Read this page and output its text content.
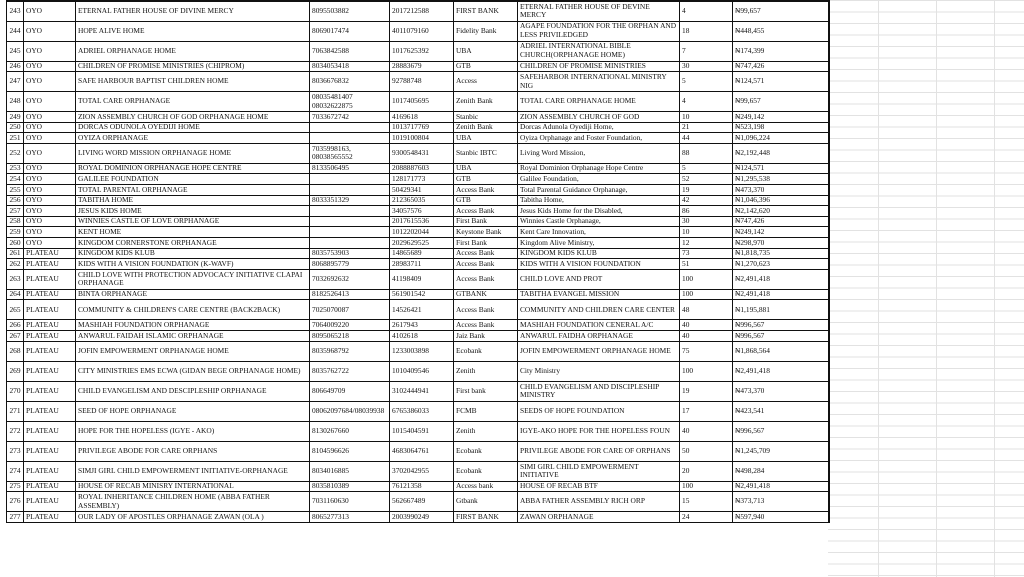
243	OYO	ETERNAL FATHER HOUSE OF DIVINE MERCY	8095503882	2017212588	FIRST BANK	ETERNAL FATHER HOUSE OF DEVINE MERCY	4	₦99,657
244	OYO	HOPE ALIVE HOME	8069017474	4011079160	Fidelity Bank	AGAPE FOUNDATION FOR THE ORPHAN AND LESS PRIVILEDGED	18	₦448,455
245	OYO	ADRIEL ORPHANAGE HOME	7063842588	1017625392	UBA	ADRIEL INTERNATIONAL BIBLE CHURCH(ORPHANAGE HOME)	7	₦174,399
246	OYO	CHILDREN OF PROMISE MINISTRIES (CHIPROM)	8034053418	28883679	GTB	CHILDREN OF PROMISE MINISTRIES	30	₦747,426
247	OYO	SAFE HARBOUR BAPTIST CHILDREN HOME	8036676832	92788748	Access	SAFEHARBOR INTERNATIONAL MINISTRY NIG	5	₦124,571
248	OYO	TOTAL CARE ORPHANAGE	08035481407
08032622875	1017405695	Zenith Bank	TOTAL CARE ORPHANAGE HOME	4	₦99,657
249	OYO	ZION ASSEMBLY CHURCH OF GOD ORPHANAGE HOME	7033672742	4169618	Stanbic	ZION ASSEMBLY CHURCH OF GOD	10	₦249,142
250	OYO	DORCAS ODUNOLA OYEDIJI HOME		1013717769	Zenith Bank	Dorcas Adunola Oyediji Home,	21	₦523,198
251	OYO	OYIZA ORPHANAGE		1019100804	UBA	Oyiza Orphanage and Foster Foundation,	44	₦1,096,224
252	OYO	LIVING WORD MISSION ORPHANAGE HOME	7035998163,
08038565552	9300548431	Stanbic IBTC	Living Word Mission,	88	₦2,192,448
253	OYO	ROYAL DOMINION ORPHANAGE HOPE CENTRE	8133506495	2088887603	UBA	Royal Dominion Orphanage Hope Centre	5	₦124,571
254	OYO	GALILEE FOUNDATION		128171773	GTB	Galilee Foundation,	52	₦1,295,538
255	OYO	TOTAL PARENTAL ORPHANAGE		50429341	Access Bank	Total Parental Guidance Orphanage,	19	₦473,370
256	OYO	TABITHA HOME	8033351329	212365035	GTB	Tabitha Home,	42	₦1,046,396
257	OYO	JESUS KIDS HOME		34057576	Access Bank	Jesus Kids Home for the Disabled,	86	₦2,142,620
258	OYO	WINNIES CASTLE OF LOVE ORPHANAGE		2017615536	First Bank	Winnies Castle Orphanage,	30	₦747,426
259	OYO	KENT HOME		1012202044	Keystone Bank	Kent Care Innovation,	10	₦249,142
260	OYO	KINGDOM CORNERSTONE ORPHANAGE		2029629525	First Bank	Kingdom Alive Ministry,	12	₦298,970
261	PLATEAU	KINGDOM KIDS KLUB	8035753903	14865689	Access Bank	KINGDOM KIDS KLUB	73	₦1,818,735
262	PLATEAU	KIDS WITH A VISION FOUNDATION (K-WAVF)	8068895779	28983711	Access Bank	KIDS WITH A VISION FOUNDATION	51	₦1,270,623
263	PLATEAU	CHILD LOVE WITH PROTECTION ADVOCACY INITIATIVE CLAPAI ORPHANAGE	7032692632	41198409	Access Bank	CHILD LOVE AND PROT	100	₦2,491,418
264	PLATEAU	BINTA ORPHANAGE	8182526413	561901542	GTBANK	TABITHA EVANGEL MISSION	100	₦2,491,418
265	PLATEAU	COMMUNITY & CHILDREN'S CARE CENTRE (BACK2BACK)	7025070087	14526421	Access Bank	COMMUNITY AND CHILDREN CARE CENTER	48	₦1,195,881
266	PLATEAU	MASHIAH FOUNDATION ORPHANAGE	7064009220	2617943	Access Bank	MASHIAH FOUNDATION CENERAL A/C	40	₦996,567
267	PLATEAU	ANWARUL FAIDAH ISLAMIC ORPHANAGE	8095065218	4102618	Jaiz Bank	ANWARUL FAIDHA ORPHANAGE	40	₦996,567
268	PLATEAU	JOFIN EMPOWERMENT ORPHANAGE HOME	8035968792	1233003898	Ecobank	JOFIN EMPOWERMENT ORPHANAGE HOME	75	₦1,868,564
269	PLATEAU	CITY MINISTRIES EMS ECWA (GIDAN BEGE ORPHANAGE HOME)	8035762722	1010409546	Zenith	City Ministry	100	₦2,491,418
270	PLATEAU	CHILD EVANGELISM AND DESCIPLESHIP ORPHANAGE	806649709	3102444941	First bank	CHILD EVANGELISM AND DISCIPLESHIP MINISTRY	19	₦473,370
271	PLATEAU	SEED OF HOPE ORPHANAGE	08062097684/08039938	6765386033	FCMB	SEEDS OF HOPE FOUNDATION	17	₦423,541
272	PLATEAU	HOPE FOR THE HOPELESS (IGYE - AKO)	8130267660	1015404591	Zenith	IGYE-AKO HOPE FOR THE HOPELESS FOUN	40	₦996,567
273	PLATEAU	PRIVILEGE ABODE FOR CARE ORPHANS	8104596626	4683064761	Ecobank	PRIVILEGE ABODE FOR CARE OF ORPHANS	50	₦1,245,709
274	PLATEAU	SIMJI GIRL CHILD EMPOWERMENT INITIATIVE-ORPHANAGE	8034016885	3702042955	Ecobank	SIMI GIRL CHILD EMPOWERMENT INITIATIVE	20	₦498,284
275	PLATEAU	HOUSE OF RECAB MINISRY INTERNATIONAL	8035810389	76121358	Access bank	HOUSE OF RECAB BTF	100	₦2,491,418
276	PLATEAU	ROYAL INHERITANCE CHILDREN HOME (ABBA FATHER ASSEMBLY)	7031160630	562667489	Gtbank	ABBA FATHER ASSEMBLY RICH ORP	15	₦373,713
277	PLATEAU	OUR LADY OF APOSTLES ORPHANAGE ZAWAN (OLA )	8065277313	2003990249	FIRST BANK	ZAWAN ORPHANAGE	24	₦597,940
